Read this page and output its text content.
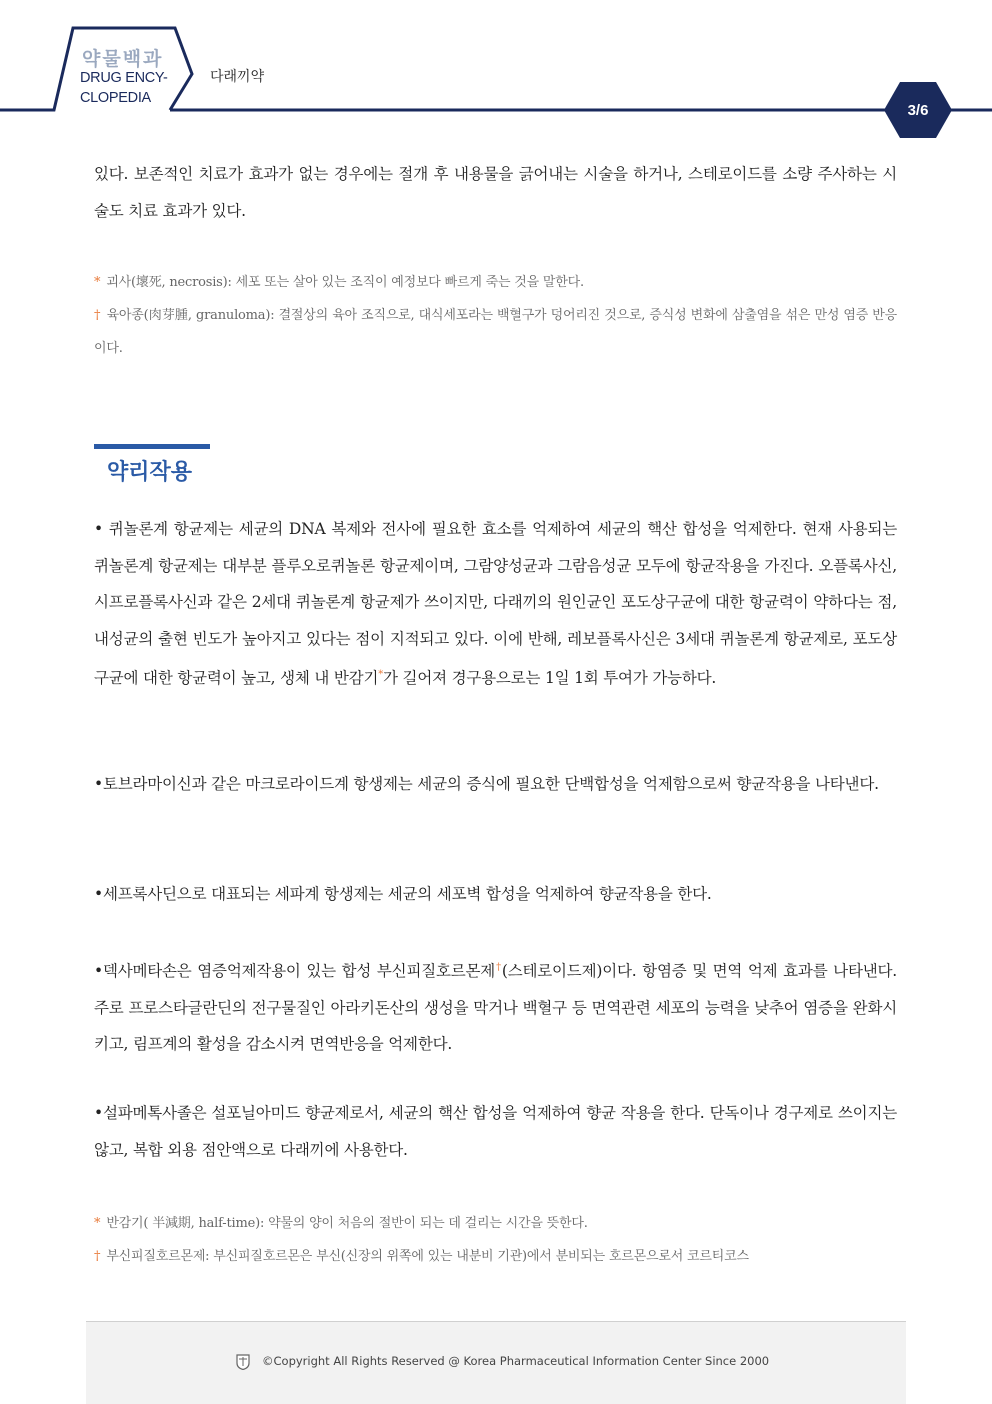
약물백과
DRUG ENCY-
CLOPEDIA
다래끼약
3/6
있다. 보존적인 치료가 효과가 없는 경우에는 절개 후 내용물을 긁어내는 시술을 하거나, 스테로이드를 소량 주사하는 시술도 치료 효과가 있다.
* 괴사(壞死, necrosis): 세포 또는 살아 있는 조직이 예정보다 빠르게 죽는 것을 말한다.
† 육아종(肉芽腫, granuloma): 결절상의 육아 조직으로, 대식세포라는 백혈구가 덩어리진 것으로, 증식성 변화에 삼출염을 섞은 만성 염증 반응이다.
약리작용
• 퀴놀론계 항균제는 세균의 DNA 복제와 전사에 필요한 효소를 억제하여 세균의 핵산 합성을 억제한다. 현재 사용되는 퀴놀론계 항균제는 대부분 플루오로퀴놀론 항균제이며, 그람양성균과 그람음성균 모두에 항균작용을 가진다. 오플록사신, 시프로플록사신과 같은 2세대 퀴놀론계 항균제가 쓰이지만, 다래끼의 원인균인 포도상구균에 대한 항균력이 약하다는 점, 내성균의 출현 빈도가 높아지고 있다는 점이 지적되고 있다. 이에 반해, 레보플록사신은 3세대 퀴놀론계 항균제로, 포도상구균에 대한 항균력이 높고, 생체 내 반감기*가 길어져 경구용으로는 1일 1회 투여가 가능하다.
•토브라마이신과 같은 마크로라이드계 항생제는 세균의 증식에 필요한 단백합성을 억제함으로써 향균작용을 나타낸다.
•세프록사딘으로 대표되는 세파계 항생제는 세균의 세포벽 합성을 억제하여 향균작용을 한다.
•덱사메타손은 염증억제작용이 있는 합성 부신피질호르몬제†(스테로이드제)이다. 항염증 및 면역 억제 효과를 나타낸다. 주로 프로스타글란딘의 전구물질인 아라키돈산의 생성을 막거나 백혈구 등 면역관련 세포의 능력을 낮추어 염증을 완화시키고, 림프계의 활성을 감소시켜 면역반응을 억제한다.
•설파메톡사졸은 설포닐아미드 향균제로서, 세균의 핵산 합성을 억제하여 향균 작용을 한다. 단독이나 경구제로 쓰이지는 않고, 복합 외용 점안액으로 다래끼에 사용한다.
* 반감기( 半減期, half-time): 약물의 양이 처음의 절반이 되는 데 걸리는 시간을 뜻한다.
† 부신피질호르몬제: 부신피질호르몬은 부신(신장의 위쪽에 있는 내분비 기관)에서 분비되는 호르몬으로서 코르티코스
©Copyright All Rights Reserved @ Korea Pharmaceutical Information Center Since 2000
